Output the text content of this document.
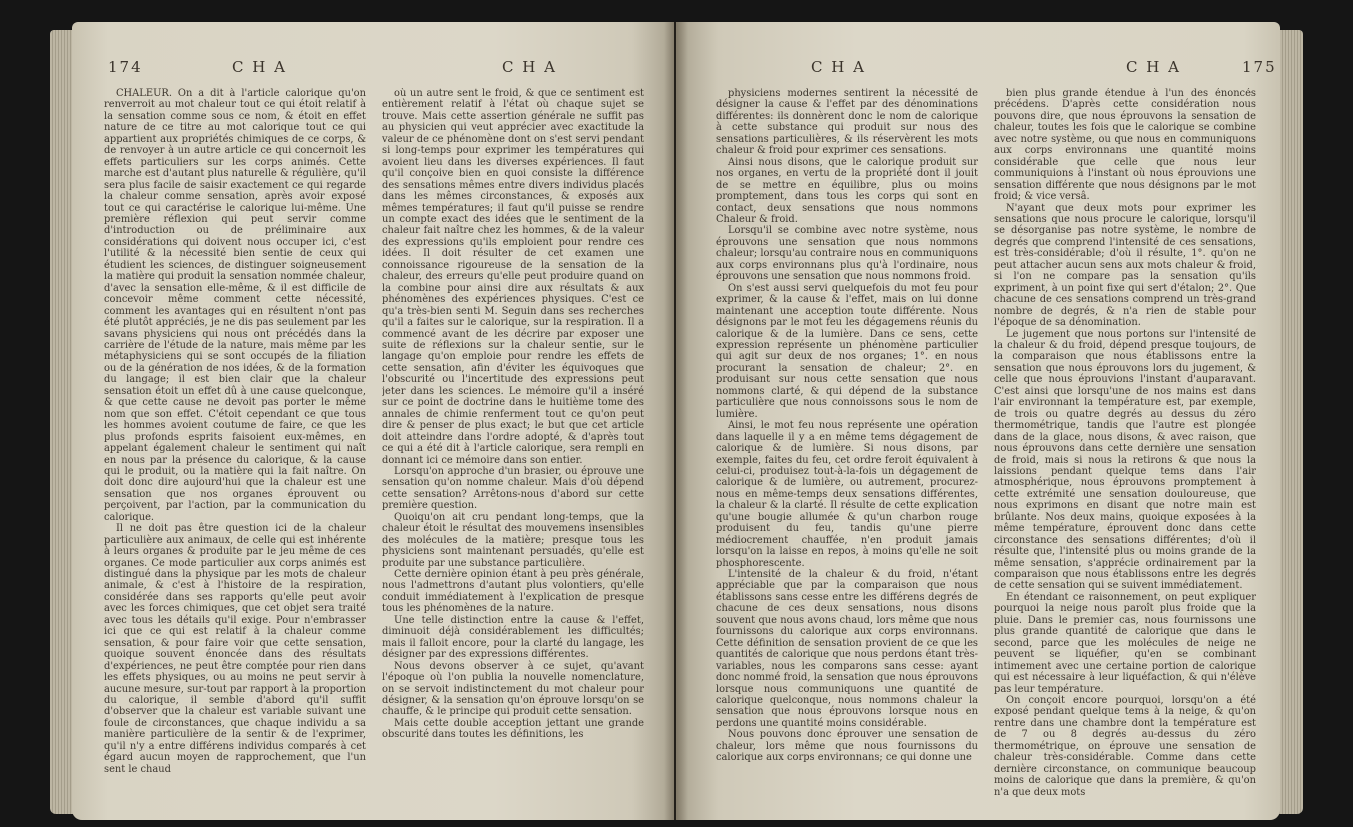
174	C H A	C H A

CHALEUR. On a dit à l'article calorique qu'on renverroit au mot chaleur tout ce qui étoit relatif à la sensation comme sous ce nom, & étoit en effet nature de ce titre au mot calorique tout ce qui appartient aux propriétés chimiques de ce corps, & de renvoyer à un autre article ce qui concernoit les effets particuliers sur les corps animés. Cette marche est d'autant plus naturelle & régulière, qu'il sera plus facile de saisir exactement ce qui regarde la chaleur comme sensation, après avoir exposé tout ce qui caractérise le calorique lui-même. Une première réflexion qui peut servir comme d'introduction ou de préliminaire aux considérations qui doivent nous occuper ici, c'est l'utilité & la nécessité bien sentie de ceux qui étudient les sciences, de distinguer soigneusement la matière qui produit la sensation nommée chaleur, d'avec la sensation elle-même, & il est difficile de concevoir même comment cette nécessité, comment les avantages qui en résultent n'ont pas été plutôt appréciés, je ne dis pas seulement par les savans physiciens qui nous ont précédés dans la carrière de l'étude de la nature, mais même par les métaphysiciens qui se sont occupés de la filiation ou de la génération de nos idées, & de la formation du langage; il est bien clair que la chaleur sensation étoit un effet dû à une cause quelconque, & que cette cause ne devoit pas porter le même nom que son effet. C'étoit cependant ce que tous les hommes avoient coutume de faire, ce que les plus profonds esprits faisoient eux-mêmes, en appelant également chaleur le sentiment qui naît en nous par la présence du calorique, & la cause qui le produit, ou la matière qui la fait naître. On doit donc dire aujourd'hui que la chaleur est une sensation que nos organes éprouvent ou perçoivent, par l'action, par la communication du calorique.

Il ne doit pas être question ici de la chaleur particulière aux animaux, de celle qui est inhérente à leurs organes & produite par le jeu même de ces organes. Ce mode particulier aux corps animés est distingué dans la physique par les mots de chaleur animale, & c'est à l'histoire de la respiration, considérée dans ses rapports qu'elle peut avoir avec les forces chimiques, que cet objet sera traité avec tous les détails qu'il exige. Pour n'embrasser ici que ce qui est relatif à la chaleur comme sensation, & pour faire voir que cette sensation, quoique souvent énoncée dans des résultats d'expériences, ne peut être comptée pour rien dans les effets physiques, ou au moins ne peut servir à aucune mesure, sur-tout par rapport à la proportion du calorique, il semble d'abord qu'il suffit d'observer que la chaleur est variable suivant une foule de circonstances, que chaque individu a sa manière particulière de la sentir & de l'exprimer, qu'il n'y a entre différens individus comparés à cet égard aucun moyen de rapprochement, que l'un sent le chaud

où un autre sent le froid, & que ce sentiment est entièrement relatif à l'état où chaque sujet se trouve. Mais cette assertion générale ne suffit pas au physicien qui veut apprécier avec exactitude la valeur de ce phénomène dont on s'est servi pendant si long-temps pour exprimer les températures qui avoient lieu dans les diverses expériences. Il faut qu'il conçoive bien en quoi consiste la différence des sensations mêmes entre divers individus placés dans les mêmes circonstances, & exposés aux mêmes températures; il faut qu'il puisse se rendre un compte exact des idées que le sentiment de la chaleur fait naître chez les hommes, & de la valeur des expressions qu'ils emploient pour rendre ces idées. Il doit résulter de cet examen une connoissance rigoureuse de la sensation de la chaleur, des erreurs qu'elle peut produire quand on la combine pour ainsi dire aux résultats & aux phénomènes des expériences physiques. C'est ce qu'a très-bien senti M. Seguin dans ses recherches qu'il a faites sur le calorique, sur la respiration. Il a commencé avant de les décrire par exposer une suite de réflexions sur la chaleur sentie, sur le langage qu'on emploie pour rendre les effets de cette sensation, afin d'éviter les équivoques que l'obscurité ou l'incertitude des expressions peut jeter dans les sciences. Le mémoire qu'il a inséré sur ce point de doctrine dans le huitième tome des annales de chimie renferment tout ce qu'on peut dire & penser de plus exact; le but que cet article doit atteindre dans l'ordre adopté, & d'après tout ce qui a été dit à l'article calorique, sera rempli en donnant ici ce mémoire dans son entier.

Lorsqu'on approche d'un brasier, ou éprouve une sensation qu'on nomme chaleur. Mais d'où dépend cette sensation? Arrêtons-nous d'abord sur cette première question.

Quoiqu'on ait cru pendant long-temps, que la chaleur étoit le résultat des mouvemens insensibles des molécules de la matière; presque tous les physiciens sont maintenant persuadés, qu'elle est produite par une substance particulière.

Cette dernière opinion étant à peu près générale, nous l'admettrons d'autant plus volontiers, qu'elle conduit immédiatement à l'explication de presque tous les phénomènes de la nature.

Une telle distinction entre la cause & l'effet, diminuoit déjà considérablement les difficultés; mais il falloit encore, pour la clarté du langage, les désigner par des expressions différentes.

Nous devons observer à ce sujet, qu'avant l'époque où l'on publia la nouvelle nomenclature, on se servoit indistinctement du mot chaleur pour désigner, & la sensation qu'on éprouve lorsqu'on se chauffe, & le principe qui produit cette sensation.

Mais cette double acception jettant une grande obscurité dans toutes les définitions, les

C H A	C H A	175

physiciens modernes sentirent la nécessité de désigner la cause & l'effet par des dénominations différentes: ils donnèrent donc le nom de calorique à cette substance qui produit sur nous des sensations particulières, & ils réservèrent les mots chaleur & froid pour exprimer ces sensations.

Ainsi nous disons, que le calorique produit sur nos organes, en vertu de la propriété dont il jouit de se mettre en équilibre, plus ou moins promptement, dans tous les corps qui sont en contact, deux sensations que nous nommons Chaleur & froid.

Lorsqu'il se combine avec notre système, nous éprouvons une sensation que nous nommons chaleur; lorsqu'au contraire nous en communiquons aux corps environnans plus qu'à l'ordinaire, nous éprouvons une sensation que nous nommons froid.

On s'est aussi servi quelquefois du mot feu pour exprimer, & la cause & l'effet, mais on lui donne maintenant une acception toute différente. Nous désignons par le mot feu les dégagemens réunis du calorique & de la lumière. Dans ce sens, cette expression représente un phénomène particulier qui agit sur deux de nos organes; 1°. en nous procurant la sensation de chaleur; 2°. en produisant sur nous cette sensation que nous nommons clarté, & qui dépend de la substance particulière que nous connoissons sous le nom de lumière.

Ainsi, le mot feu nous représente une opération dans laquelle il y a en même tems dégagement de calorique & de lumière. Si nous disons, par exemple, faites du feu, cet ordre feroit équivalent à celui-ci, produisez tout-à-la-fois un dégagement de calorique & de lumière, ou autrement, procurez-nous en même-temps deux sensations différentes, la chaleur & la clarté. Il résulte de cette explication qu'une bougie allumée & qu'un charbon rouge produisent du feu, tandis qu'une pierre médiocrement chauffée, n'en produit jamais lorsqu'on la laisse en repos, à moins qu'elle ne soit phosphorescente.

L'intensité de la chaleur & du froid, n'étant appréciable que par la comparaison que nous établissons sans cesse entre les différens degrés de chacune de ces deux sensations, nous disons souvent que nous avons chaud, lors même que nous fournissons du calorique aux corps environnans. Cette définition de sensation provient de ce que les quantités de calorique que nous perdons étant très-variables, nous les comparons sans cesse: ayant donc nommé froid, la sensation que nous éprouvons lorsque nous communiquons une quantité de calorique quelconque, nous nommons chaleur la sensation que nous éprouvons lorsque nous en perdons une quantité moins considérable.

Nous pouvons donc éprouver une sensation de chaleur, lors même que nous fournissons du calorique aux corps environnans; ce qui donne une

bien plus grande étendue à l'un des énoncés précédens. D'après cette considération nous pouvons dire, que nous éprouvons la sensation de chaleur, toutes les fois que le calorique se combine avec notre système, ou que nous en communiquons aux corps environnans une quantité moins considérable que celle que nous leur communiquions à l'instant où nous éprouvions une sensation différente que nous désignons par le mot froid; & vice versâ.

N'ayant que deux mots pour exprimer les sensations que nous procure le calorique, lorsqu'il se désorganise pas notre système, le nombre de degrés que comprend l'intensité de ces sensations, est très-considérable; d'où il résulte, 1°. qu'on ne peut attacher aucun sens aux mots chaleur & froid, si l'on ne compare pas la sensation qu'ils expriment, à un point fixe qui sert d'étalon; 2°. Que chacune de ces sensations comprend un très-grand nombre de degrés, & n'a rien de stable pour l'époque de sa dénomination.

Le jugement que nous portons sur l'intensité de la chaleur & du froid, dépend presque toujours, de la comparaison que nous établissons entre la sensation que nous éprouvons lors du jugement, & celle que nous éprouvions l'instant d'auparavant. C'est ainsi que lorsqu'une de nos mains est dans l'air environnant la température est, par exemple, de trois ou quatre degrés au dessus du zéro thermométrique, tandis que l'autre est plongée dans de la glace, nous disons, & avec raison, que nous éprouvons dans cette dernière une sensation de froid, mais si nous la retirons & que nous la laissions pendant quelque tems dans l'air atmosphérique, nous éprouvons promptement à cette extrémité une sensation douloureuse, que nous exprimons en disant que notre main est brûlante. Nos deux mains, quoique exposées à la même température, éprouvent donc dans cette circonstance des sensations différentes; d'où il résulte que, l'intensité plus ou moins grande de la même sensation, s'apprécie ordinairement par la comparaison que nous établissons entre les degrés de cette sensation qui se suivent immédiatement.

En étendant ce raisonnement, on peut expliquer pourquoi la neige nous paroît plus froide que la pluie. Dans le premier cas, nous fournissons une plus grande quantité de calorique que dans le second, parce que les molécules de neige ne peuvent se liquéfier, qu'en se combinant intimement avec une certaine portion de calorique qui est nécessaire à leur liquéfaction, & qui n'élève pas leur température.

On conçoit encore pourquoi, lorsqu'on a été exposé pendant quelque tems à la neige, & qu'on rentre dans une chambre dont la température est de 7 ou 8 degrés au-dessus du zéro thermométrique, on éprouve une sensation de chaleur très-considérable. Comme dans cette dernière circonstance, on communique beaucoup moins de calorique que dans la première, & qu'on n'a que deux mots
